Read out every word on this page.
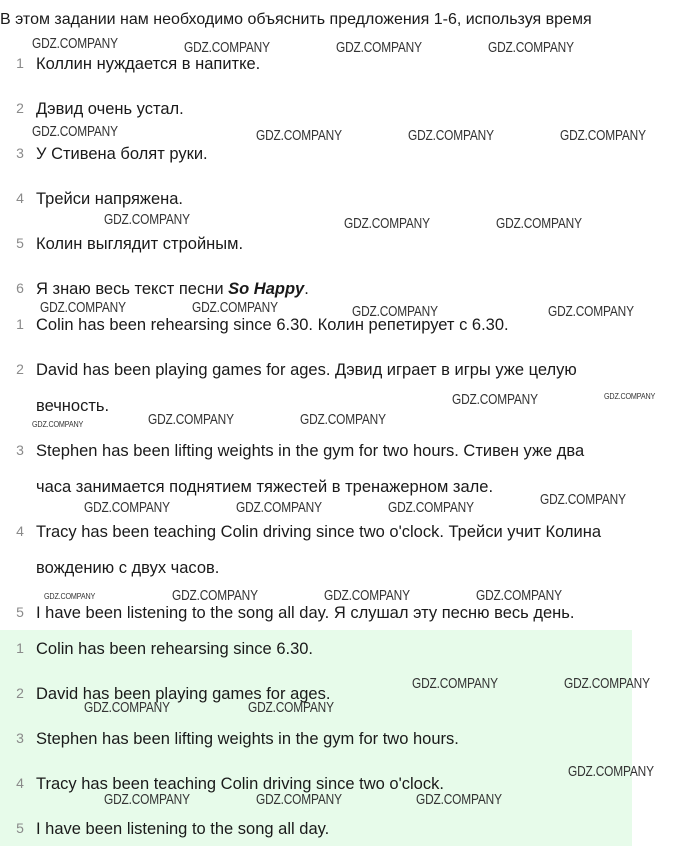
В этом задании нам необходимо объяснить предложения 1-6, используя время
1 Коллин нуждается в напитке.
2 Дэвид очень устал.
3 У Стивена болят руки.
4 Трейси напряжена.
5 Колин выглядит стройным.
6 Я знаю весь текст песни So Happy.
1 Colin has been rehearsing since 6.30. Колин репетирует с 6.30.
2 David has been playing games for ages. Дэвид играет в игры уже целую
вечность.
3 Stephen has been lifting weights in the gym for two hours. Стивен уже два
часа занимается поднятием тяжестей в тренажерном зале.
4 Tracy has been teaching Colin driving since two o'clock. Трейси учит Колина
вождению с двух часов.
5 I have been listening to the song all day. Я слушал эту песню весь день.
1 Colin has been rehearsing since 6.30.
2 David has been playing games for ages.
3 Stephen has been lifting weights in the gym for two hours.
4 Tracy has been teaching Colin driving since two o'clock.
5 I have been listening to the song all day.
GDZ.COMPANY	GDZ.COMPANY	GDZ.COMPANY	GDZ.COMPANY
GDZ.COMPANY	GDZ.COMPANY	GDZ.COMPANY	GDZ.COMPANY
GDZ.COMPANY	GDZ.COMPANY	GDZ.COMPANY
GDZ.COMPANY	GDZ.COMPANY	GDZ.COMPANY	GDZ.COMPANY
GDZ.COMPANY	GDZ.COMPANY
GDZ.COMPANY	GDZ.COMPANY	GDZ.COMPANY
GDZ.COMPANY
GDZ.COMPANY	GDZ.COMPANY	GDZ.COMPANY
GDZ.COMPANY	GDZ.COMPANY	GDZ.COMPANY	GDZ.COMPANY
GDZ.COMPANY	GDZ.COMPANY
GDZ.COMPANY	GDZ.COMPANY
GDZ.COMPANY
GDZ.COMPANY	GDZ.COMPANY	GDZ.COMPANY
